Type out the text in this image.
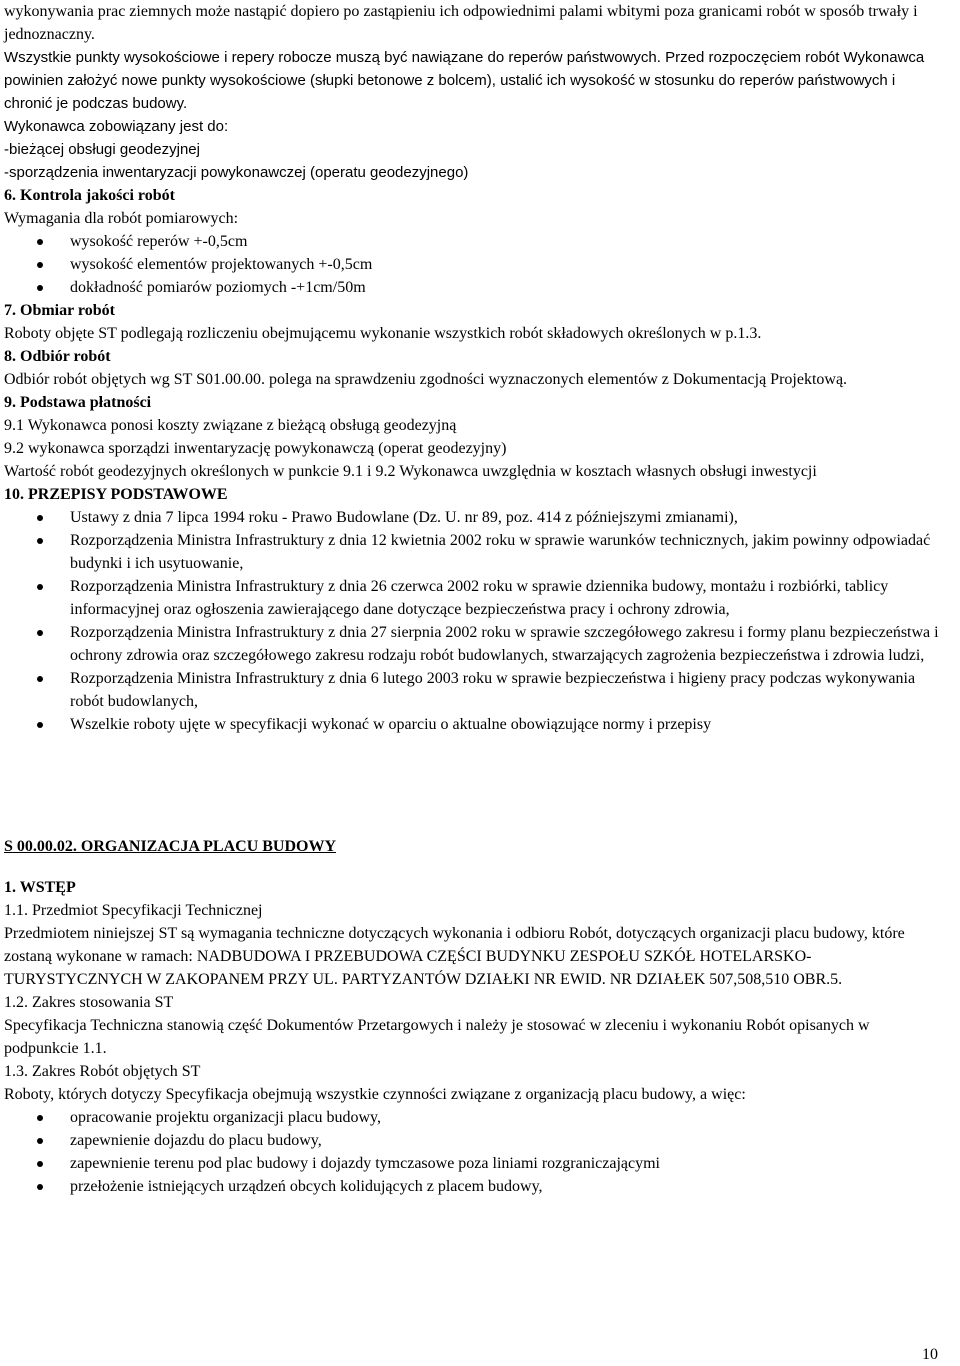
wykonywania prac ziemnych może nastąpić dopiero po zastąpieniu ich odpowiednimi palami wbitymi poza granicami robót w sposób trwały i jednoznaczny.

Wszystkie punkty wysokościowe i repery robocze muszą być nawiązane do reperów państwowych. Przed rozpoczęciem robót Wykonawca powinien założyć nowe punkty wysokościowe (słupki betonowe z bolcem), ustalić ich wysokość w stosunku do reperów państwowych i chronić je podczas budowy.

Wykonawca zobowiązany jest do:

-bieżącej obsługi geodezyjnej

-sporządzenia inwentaryzacji powykonawczej (operatu geodezyjnego)

6. Kontrola jakości robót

Wymagania dla robót pomiarowych:

wysokość reperów +-0,5cm
wysokość elementów projektowanych +-0,5cm
dokładność pomiarów poziomych -+1cm/50m

7. Obmiar robót

Roboty objęte ST podlegają rozliczeniu obejmującemu wykonanie wszystkich robót składowych określonych w p.1.3.

8. Odbiór robót

Odbiór robót objętych wg ST S01.00.00. polega na sprawdzeniu zgodności wyznaczonych elementów z Dokumentacją Projektową.

9. Podstawa płatności

9.1 Wykonawca ponosi koszty związane z bieżącą obsługą geodezyjną

9.2 wykonawca sporządzi inwentaryzację powykonawczą (operat geodezyjny)

Wartość robót geodezyjnych określonych w punkcie 9.1 i 9.2 Wykonawca uwzględnia w kosztach własnych obsługi inwestycji

10. PRZEPISY PODSTAWOWE

Ustawy z dnia 7 lipca 1994 roku - Prawo Budowlane (Dz. U. nr 89, poz. 414 z późniejszymi zmianami),
Rozporządzenia Ministra Infrastruktury z dnia 12 kwietnia 2002 roku w sprawie warunków technicznych, jakim powinny odpowiadać budynki i ich usytuowanie,
Rozporządzenia Ministra Infrastruktury z dnia 26 czerwca 2002 roku w sprawie dziennika budowy, montażu i rozbiórki, tablicy informacyjnej oraz ogłoszenia zawierającego dane dotyczące bezpieczeństwa pracy i ochrony zdrowia,
Rozporządzenia Ministra Infrastruktury z dnia 27 sierpnia 2002 roku w sprawie szczegółowego zakresu i formy planu bezpieczeństwa i ochrony zdrowia oraz szczegółowego zakresu rodzaju robót budowlanych, stwarzających zagrożenia bezpieczeństwa i zdrowia ludzi,
Rozporządzenia Ministra Infrastruktury z dnia 6 lutego 2003 roku w sprawie bezpieczeństwa i higieny pracy podczas wykonywania robót budowlanych,
Wszelkie roboty ujęte w specyfikacji wykonać w oparciu o aktualne obowiązujące normy i przepisy

S 00.00.02. ORGANIZACJA PLACU BUDOWY

1. WSTĘP

1.1. Przedmiot Specyfikacji Technicznej

Przedmiotem niniejszej ST są wymagania techniczne dotyczących wykonania i odbioru Robót, dotyczących organizacji placu budowy, które zostaną wykonane w ramach: NADBUDOWA I PRZEBUDOWA CZĘŚCI BUDYNKU ZESPOŁU SZKÓŁ HOTELARSKO-TURYSTYCZNYCH W ZAKOPANEM PRZY UL. PARTYZANTÓW DZIAŁKI NR EWID. NR DZIAŁEK 507,508,510 OBR.5.

1.2. Zakres stosowania ST

Specyfikacja Techniczna stanowią część Dokumentów Przetargowych i należy je stosować w zleceniu i wykonaniu Robót opisanych w podpunkcie 1.1.

1.3. Zakres Robót objętych ST

Roboty, których dotyczy Specyfikacja obejmują wszystkie czynności związane z organizacją placu budowy, a więc:

opracowanie projektu organizacji placu budowy,
zapewnienie dojazdu do placu budowy,
zapewnienie terenu pod plac budowy i dojazdy tymczasowe poza liniami rozgraniczającymi
przełożenie istniejących urządzeń obcych kolidujących z placem budowy,
10
